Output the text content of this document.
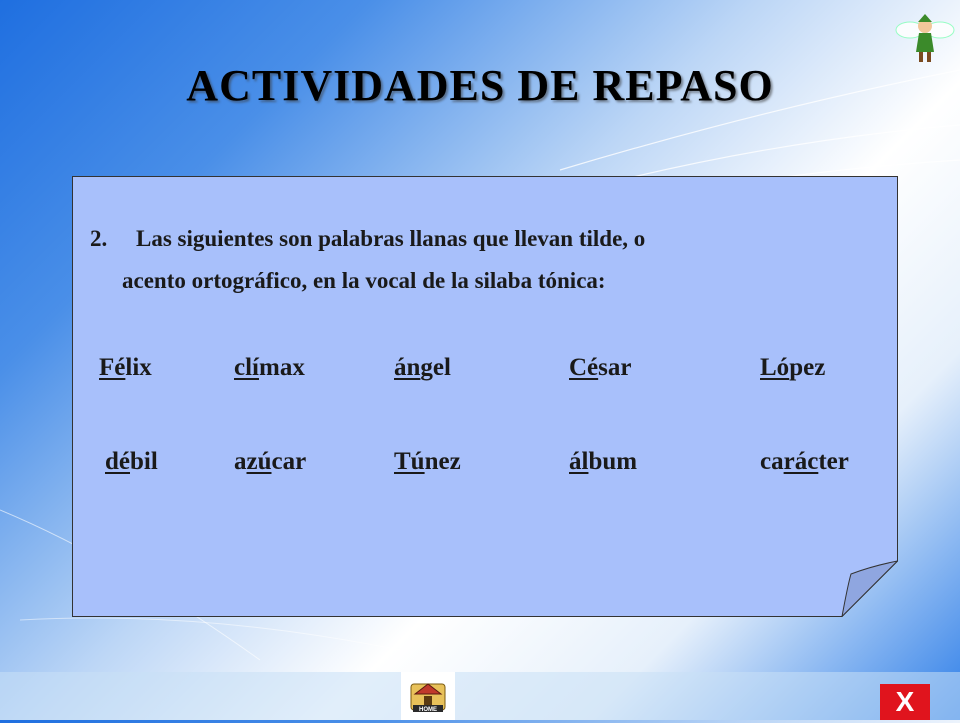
ACTIVIDADES DE REPASO
2. Las siguientes son palabras llanas que llevan tilde, o
acento ortográfico, en la vocal de la silaba tónica:
Félix	clímax	ángel	César	López
débil	azúcar	Túnez	álbum	carácter
HOME	X
